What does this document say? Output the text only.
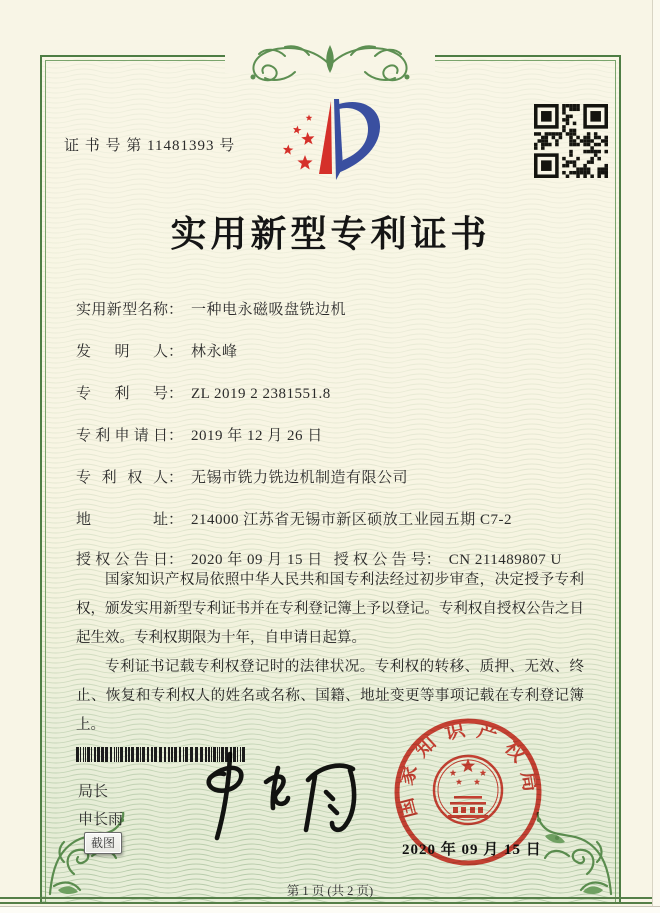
证 书 号 第 11481393 号
实用新型专利证书
实用新型名称： 一种电永磁吸盘铣边机
发明人： 林永峰
专利号： ZL 2019 2 2381551.8
专利申请日： 2019 年 12 月 26 日
专利权人： 无锡市铣力铣边机制造有限公司
地址： 214000 江苏省无锡市新区硕放工业园五期 C7-2
授权公告日： 2020 年 09 月 15 日 授权公告号： CN 211489807 U

国家知识产权局依照中华人民共和国专利法经过初步审查，决定授予专利权，颁发实用新型专利证书并在专利登记簿上予以登记。专利权自授权公告之日起生效。专利权期限为十年，自申请日起算。

专利证书记载专利权登记时的法律状况。专利权的转移、质押、无效、终止、恢复和专利权人的姓名或名称、国籍、地址变更等事项记载在专利登记簿上。

局长
申长雨
截图
国家知识产权局
2020 年 09 月 15 日
第 1 页 (共 2 页)
